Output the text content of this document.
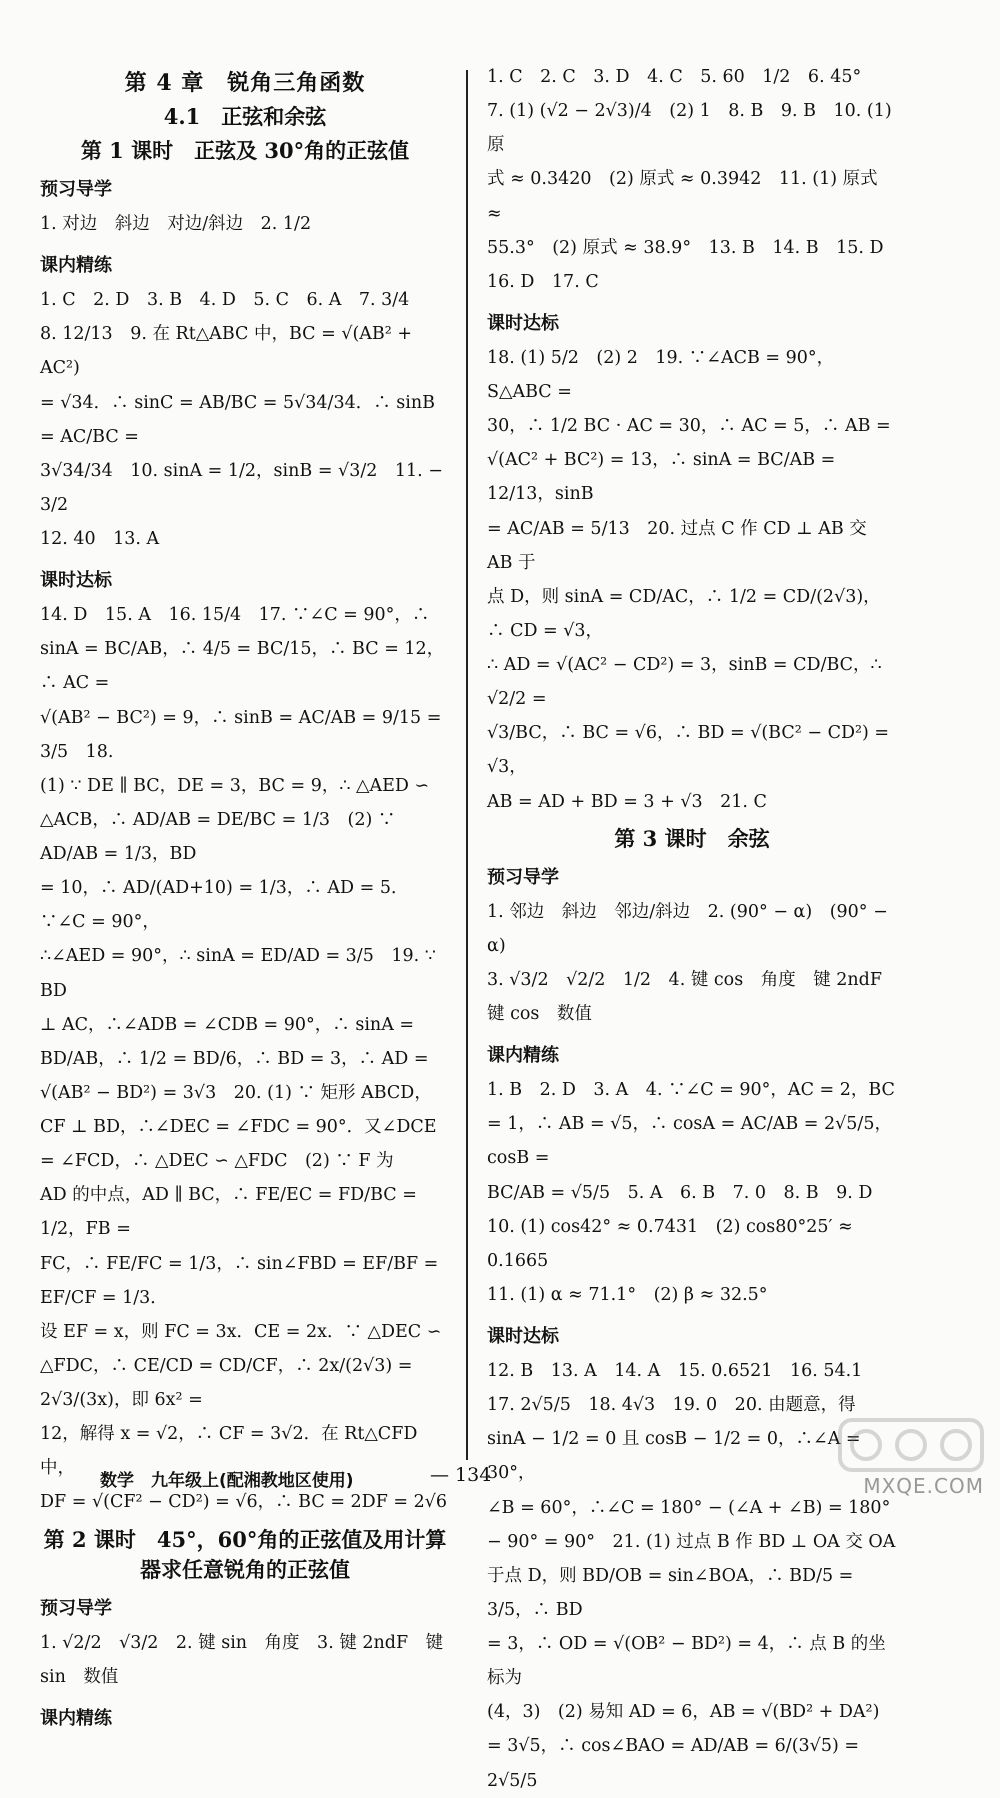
第 4 章　锐角三角函数
4.1　正弦和余弦
第 1 课时　正弦及 30°角的正弦值
预习导学

1. 对边　斜边　对边/斜边　2. 1/2

课内精练

1. C　2. D　3. B　4. D　5. C　6. A　7. 3/4

8. 12/13　9. 在 Rt△ABC 中，BC = √(AB² + AC²)

= √34．∴ sinC = AB/BC = 5√34/34．∴ sinB = AC/BC =

3√34/34　10. sinA = 1/2，sinB = √3/2　11. − 3/2

12. 40　13. A

课时达标

14. D　15. A　16. 15/4　17. ∵∠C = 90°，∴

sinA = BC/AB，∴ 4/5 = BC/15，∴ BC = 12，∴ AC =

√(AB² − BC²) = 9，∴ sinB = AC/AB = 9/15 = 3/5　18.

(1) ∵ DE ∥ BC，DE = 3，BC = 9，∴ △AED ∽

△ACB，∴ AD/AB = DE/BC = 1/3　(2) ∵ AD/AB = 1/3，BD

= 10，∴ AD/(AD+10) = 1/3，∴ AD = 5．∵∠C = 90°，

∴∠AED = 90°，∴ sinA = ED/AD = 3/5　19. ∵ BD

⊥ AC，∴∠ADB = ∠CDB = 90°，∴ sinA =

BD/AB，∴ 1/2 = BD/6，∴ BD = 3，∴ AD =

√(AB² − BD²) = 3√3　20. (1) ∵ 矩形 ABCD，

CF ⊥ BD，∴∠DEC = ∠FDC = 90°．又∠DCE

= ∠FCD，∴ △DEC ∽ △FDC　(2) ∵ F 为

AD 的中点，AD ∥ BC，∴ FE/EC = FD/BC = 1/2，FB =

FC，∴ FE/FC = 1/3，∴ sin∠FBD = EF/BF = EF/CF = 1/3．

设 EF = x，则 FC = 3x．CE = 2x．∵ △DEC ∽

△FDC，∴ CE/CD = CD/CF，∴ 2x/(2√3) = 2√3/(3x)，即 6x² =

12，解得 x = √2，∴ CF = 3√2．在 Rt△CFD 中，

DF = √(CF² − CD²) = √6，∴ BC = 2DF = 2√6

第 2 课时　45°，60°角的正弦值及用计算器求任意锐角的正弦值
预习导学

1. √2/2　√3/2　2. 键 sin　角度　3. 键 2ndF　键

sin　数值

课内精练

1. C　2. C　3. D　4. C　5. 60　1/2　6. 45°

7. (1) (√2 − 2√3)/4　(2) 1　8. B　9. B　10. (1) 原

式 ≈ 0.3420　(2) 原式 ≈ 0.3942　11. (1) 原式 ≈

55.3°　(2) 原式 ≈ 38.9°　13. B　14. B　15. D

16. D　17. C

课时达标

18. (1) 5/2　(2) 2　19. ∵∠ACB = 90°，S△ABC =

30，∴ 1/2 BC · AC = 30，∴ AC = 5，∴ AB =

√(AC² + BC²) = 13，∴ sinA = BC/AB = 12/13，sinB

= AC/AB = 5/13　20. 过点 C 作 CD ⊥ AB 交 AB 于

点 D，则 sinA = CD/AC，∴ 1/2 = CD/(2√3)，∴ CD = √3，

∴ AD = √(AC² − CD²) = 3，sinB = CD/BC，∴ √2/2 =

√3/BC，∴ BC = √6，∴ BD = √(BC² − CD²) = √3，

AB = AD + BD = 3 + √3　21. C

第 3 课时　余弦
预习导学

1. 邻边　斜边　邻边/斜边　2. (90° − α)　(90° − α)

3. √3/2　√2/2　1/2　4. 键 cos　角度　键 2ndF

键 cos　数值

课内精练

1. B　2. D　3. A　4. ∵∠C = 90°，AC = 2，BC

= 1，∴ AB = √5，∴ cosA = AC/AB = 2√5/5，cosB =

BC/AB = √5/5　5. A　6. B　7. 0　8. B　9. D

10. (1) cos42° ≈ 0.7431　(2) cos80°25′ ≈ 0.1665

11. (1) α ≈ 71.1°　(2) β ≈ 32.5°

课时达标

12. B　13. A　14. A　15. 0.6521　16. 54.1

17. 2√5/5　18. 4√3　19. 0　20. 由题意，得

sinA − 1/2 = 0 且 cosB − 1/2 = 0，∴∠A = 30°，

∠B = 60°，∴∠C = 180° − (∠A + ∠B) = 180°

− 90° = 90°　21. (1) 过点 B 作 BD ⊥ OA 交 OA

于点 D，则 BD/OB = sin∠BOA，∴ BD/5 = 3/5，∴ BD

= 3，∴ OD = √(OB² − BD²) = 4，∴ 点 B 的坐标为

(4，3)　(2) 易知 AD = 6，AB = √(BD² + DA²)

= 3√5，∴ cos∠BAO = AD/AB = 6/(3√5) = 2√5/5

数学　九年级上(配湘教地区使用)	— 134	MXQE.COM
